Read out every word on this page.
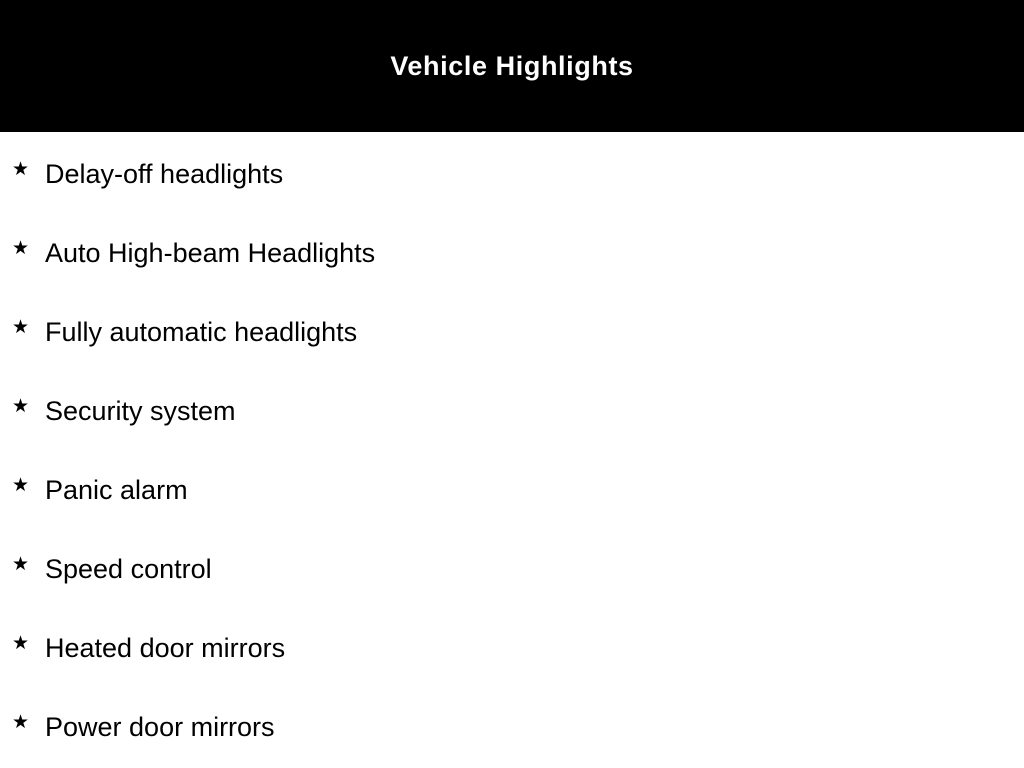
Vehicle Highlights
★ Delay-off headlights
★ Auto High-beam Headlights
★ Fully automatic headlights
★ Security system
★ Panic alarm
★ Speed control
★ Heated door mirrors
★ Power door mirrors
